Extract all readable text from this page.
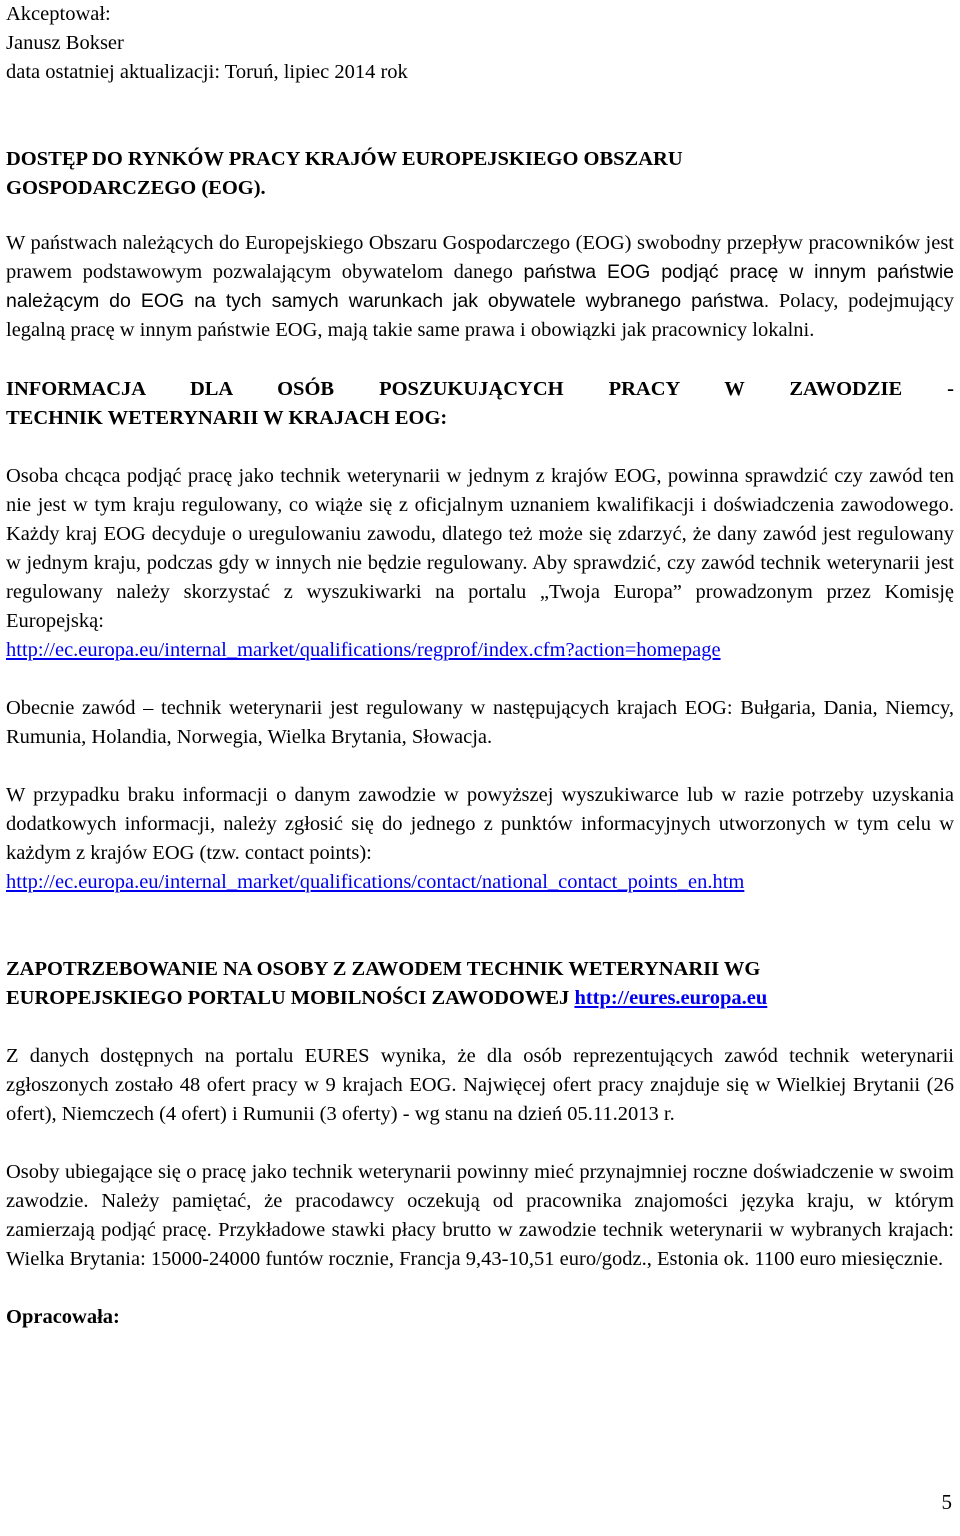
Akceptował:
Janusz Bokser
data ostatniej aktualizacji: Toruń, lipiec 2014 rok
DOSTĘP DO RYNKÓW PRACY KRAJÓW EUROPEJSKIEGO OBSZARU
GOSPODARCZEGO (EOG).

W państwach należących do Europejskiego Obszaru Gospodarczego (EOG) swobodny przepływ pracowników jest prawem podstawowym pozwalającym obywatelom danego państwa EOG podjąć pracę w innym państwie należącym do EOG na tych samych warunkach jak obywatele wybranego państwa. Polacy, podejmujący legalną pracę w innym państwie EOG, mają takie same prawa i obowiązki jak pracownicy lokalni.

INFORMACJA DLA OSÓB POSZUKUJĄCYCH PRACY W ZAWODZIE -
TECHNIK WETERYNARII W KRAJACH EOG:

Osoba chcąca podjąć pracę jako technik weterynarii w jednym z krajów EOG, powinna sprawdzić czy zawód ten nie jest w tym kraju regulowany, co wiąże się z oficjalnym uznaniem kwalifikacji i doświadczenia zawodowego. Każdy kraj EOG decyduje o uregulowaniu zawodu, dlatego też może się zdarzyć, że dany zawód jest regulowany w jednym kraju, podczas gdy w innych nie będzie regulowany. Aby sprawdzić, czy zawód technik weterynarii jest regulowany należy skorzystać z wyszukiwarki na portalu „Twoja Europa” prowadzonym przez Komisję Europejską:
http://ec.europa.eu/internal_market/qualifications/regprof/index.cfm?action=homepage

Obecnie zawód – technik weterynarii jest regulowany w następujących krajach EOG: Bułgaria, Dania, Niemcy, Rumunia, Holandia, Norwegia, Wielka Brytania, Słowacja.

W przypadku braku informacji o danym zawodzie w powyższej wyszukiwarce lub w razie potrzeby uzyskania dodatkowych informacji, należy zgłosić się do jednego z punktów informacyjnych utworzonych w tym celu w każdym z krajów EOG (tzw. contact points):
http://ec.europa.eu/internal_market/qualifications/contact/national_contact_points_en.htm

ZAPOTRZEBOWANIE NA OSOBY Z ZAWODEM TECHNIK WETERYNARII WG
EUROPEJSKIEGO PORTALU MOBILNOŚCI ZAWODOWEJ http://eures.europa.eu

Z danych dostępnych na portalu EURES wynika, że dla osób reprezentujących zawód technik weterynarii zgłoszonych zostało 48 ofert pracy w 9 krajach EOG. Najwięcej ofert pracy znajduje się w Wielkiej Brytanii (26 ofert), Niemczech (4 ofert) i Rumunii (3 oferty) - wg stanu na dzień 05.11.2013 r.

Osoby ubiegające się o pracę jako technik weterynarii powinny mieć przynajmniej roczne doświadczenie w swoim zawodzie. Należy pamiętać, że pracodawcy oczekują od pracownika znajomości języka kraju, w którym zamierzają podjąć pracę. Przykładowe stawki płacy brutto w zawodzie technik weterynarii w wybranych krajach: Wielka Brytania: 15000-24000 funtów rocznie, Francja 9,43-10,51 euro/godz., Estonia ok. 1100 euro miesięcznie.

Opracowała:
5
